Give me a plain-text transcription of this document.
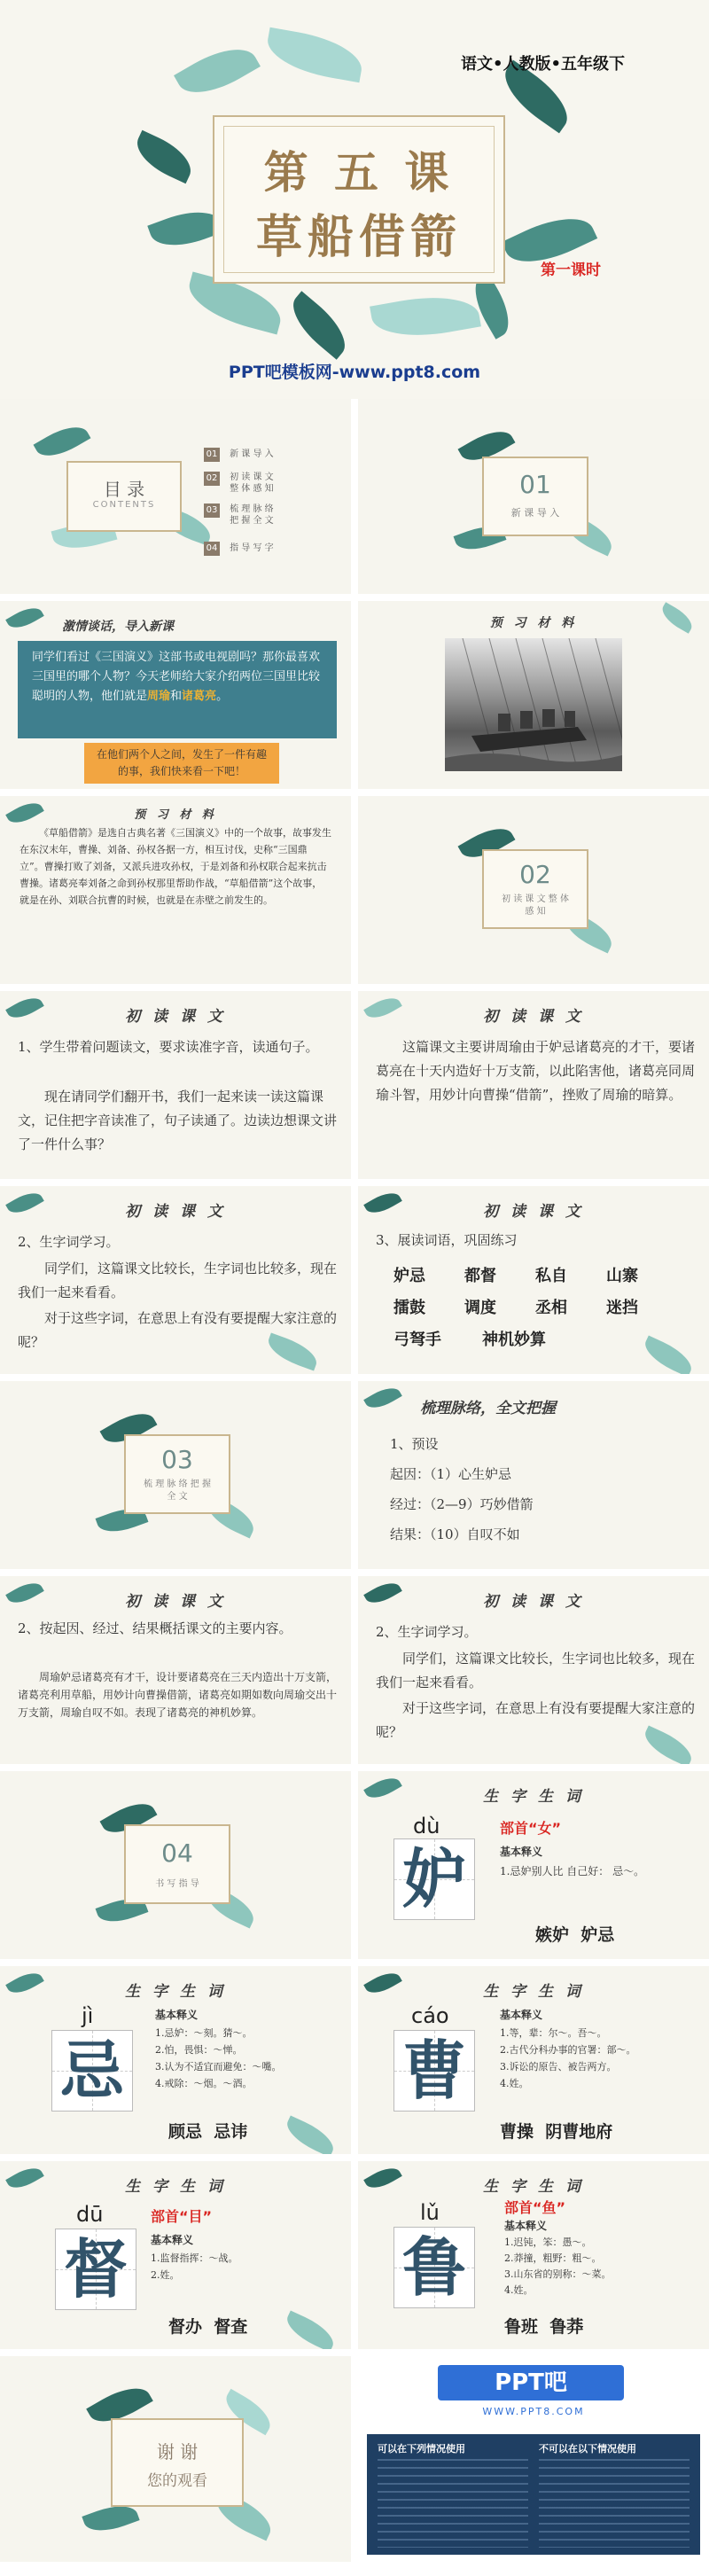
语文•人教版•五年级下
第 五 课
草船借箭
第一课时
PPT吧模板网-www.ppt8.com
目 录
CONTENTS
01 新 课 导 入
02 初 读 课 文 整 体 感 知
03 梳 理 脉 络 把 握 全 文
04 指 导 写 字
01
新 课 导 入
激情谈话，导入新课
同学们看过《三国演义》这部书或电视剧吗？那你最喜欢三国里的哪个人物？今天老师给大家介绍两位三国里比较聪明的人物，他们就是周瑜和诸葛亮。
在他们两个人之间，发生了一件有趣的事，我们快来看一下吧！
预 习 材 料
预 习 材 料
《草船借箭》是选自古典名著《三国演义》中的一个故事，故事发生在东汉末年，曹操、刘备、孙权各据一方，相互讨伐，史称“三国鼎立”。曹操打败了刘备，又派兵进攻孙权，于是刘备和孙权联合起来抗击曹操。诸葛亮奉刘备之命到孙权那里帮助作战，“草船借箭”这个故事，就是在孙、刘联合抗曹的时候，也就是在赤壁之前发生的。
02
初 读 课 文 整 体 感 知
初 读 课 文
1、学生带着问题读文，要求读准字音，读通句子。
现在请同学们翻开书，我们一起来读一读这篇课文，记住把字音读准了，句子读通了。边读边想课文讲了一件什么事？
初 读 课 文
这篇课文主要讲周瑜由于妒忌诸葛亮的才干，要诸葛亮在十天内造好十万支箭，以此陷害他，诸葛亮同周瑜斗智，用妙计向曹操“借箭”，挫败了周瑜的暗算。
初 读 课 文
2、生字词学习。
同学们，这篇课文比较长，生字词也比较多，现在我们一起来看看。
对于这些字词，在意思上有没有要提醒大家注意的呢？
初 读 课 文
3、展读词语，巩固练习
妒忌 都督 私自 山寨
擂鼓 调度 丞相 迷挡
弓弩手	神机妙算
03
梳 理 脉 络 把 握 全 文
梳理脉络，全文把握
1、预设
起因：（1）心生妒忌
经过：（2—9）巧妙借箭
结果：（10）自叹不如
初 读 课 文
2、按起因、经过、结果概括课文的主要内容。
周瑜妒忌诸葛亮有才干，设计要诸葛亮在三天内造出十万支箭，诸葛亮利用草船，用妙计向曹操借箭，诸葛亮如期如数向周瑜交出十万支箭，周瑜自叹不如。表现了诸葛亮的神机妙算。
初 读 课 文
2、生字词学习。
同学们，这篇课文比较长，生字词也比较多，现在我们一起来看看。
对于这些字词，在意思上有没有要提醒大家注意的呢？
04
书 写 指 导
生 字 生 词
dù
妒
部首“女”
基本释义
1.忌妒别人比 自己好： 忌～。
嫉妒  妒忌
生 字 生 词
jì
忌
基本释义
1.忌妒：～刻。猜～。
2.怕，畏惧：～惮。
3.认为不适宜而避免：～嘴。
4.戒除：～烟。～酒。
顾忌  忌讳
生 字 生 词
cáo
曹
基本释义
1.等，辈：尔～。吾～。
2.古代分科办事的官署：部～。
3.诉讼的原告、被告两方。
4.姓。
曹操  阴曹地府
生 字 生 词
dū
督
部首“目”
基本释义
1.监督指挥：～战。
2.姓。
督办  督查
生 字 生 词
lǔ
鲁
部首“鱼”
基本释义
1.迟钝，笨：愚～。
2.莽撞，粗野：粗～。
3.山东省的别称：～菜。
4.姓。
鲁班  鲁莽
谢 谢
您的观看
PPT吧
WWW.PPT8.COM
可以在下列情况使用	不可以在以下情况使用
